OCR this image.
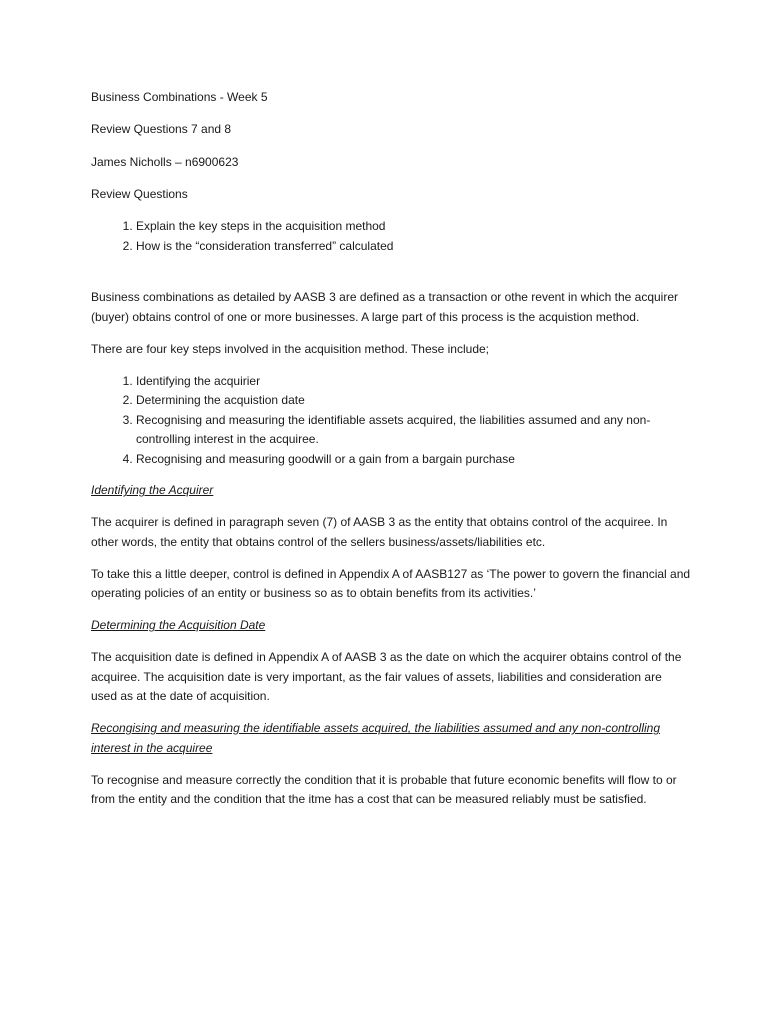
Business Combinations - Week 5

Review Questions 7 and 8

James Nicholls – n6900623

Review Questions

1. Explain the key steps in the acquisition method
2. How is the “consideration transferred” calculated

Business combinations as detailed by AASB 3 are defined as a transaction or othe revent in which the acquirer (buyer) obtains control of one or more businesses. A large part of this process is the acquistion method.

There are four key steps involved in the acquisition method. These include;

1. Identifying the acquirier
2. Determining the acquistion date
3. Recognising and measuring the identifiable assets acquired, the liabilities assumed and any non-controlling interest in the acquiree.
4. Recognising and measuring goodwill or a gain from a bargain purchase

Identifying the Acquirer

The acquirer is defined in paragraph seven (7) of AASB 3 as the entity that obtains control of the acquiree. In other words, the entity that obtains control of the sellers business/assets/liabilities etc.

To take this a little deeper, control is defined in Appendix A of AASB127 as ‘The power to govern the financial and operating policies of an entity or business so as to obtain benefits from its activities.’

Determining the Acquisition Date

The acquisition date is defined in Appendix A of AASB 3 as the date on which the acquirer obtains control of the acquiree. The acquisition date is very important, as the fair values of assets, liabilities and consideration are used as at the date of acquisition.

Recongising and measuring the identifiable assets acquired, the liabilities assumed and any non-controlling interest in the acquiree

To recognise and measure correctly the condition that it is probable that future economic benefits will flow to or from the entity and the condition that the itme has a cost that can be measured reliably must be satisfied.
